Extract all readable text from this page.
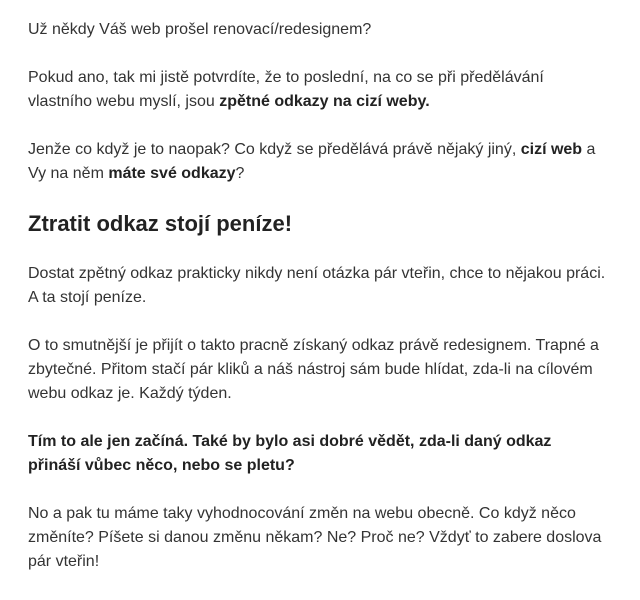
Už někdy Váš web prošel renovací/redesignem?

Pokud ano, tak mi jistě potvrdíte, že to poslední, na co se při předělávání vlastního webu myslí, jsou zpětné odkazy na cizí weby.

Jenže co když je to naopak? Co když se předělává právě nějaký jiný, cizí web a Vy na něm máte své odkazy?

Ztratit odkaz stojí peníze!

Dostat zpětný odkaz prakticky nikdy není otázka pár vteřin, chce to nějakou práci. A ta stojí peníze.

O to smutnější je přijít o takto pracně získaný odkaz právě redesignem. Trapné a zbytečné. Přitom stačí pár kliků a náš nástroj sám bude hlídat, zda-li na cílovém webu odkaz je. Každý týden.

Tím to ale jen začíná. Také by bylo asi dobré vědět, zda-li daný odkaz přináší vůbec něco, nebo se pletu?

No a pak tu máme taky vyhodnocování změn na webu obecně. Co když něco změníte? Píšete si danou změnu někam? Ne? Proč ne? Vždyť to zabere doslova pár vteřin!
